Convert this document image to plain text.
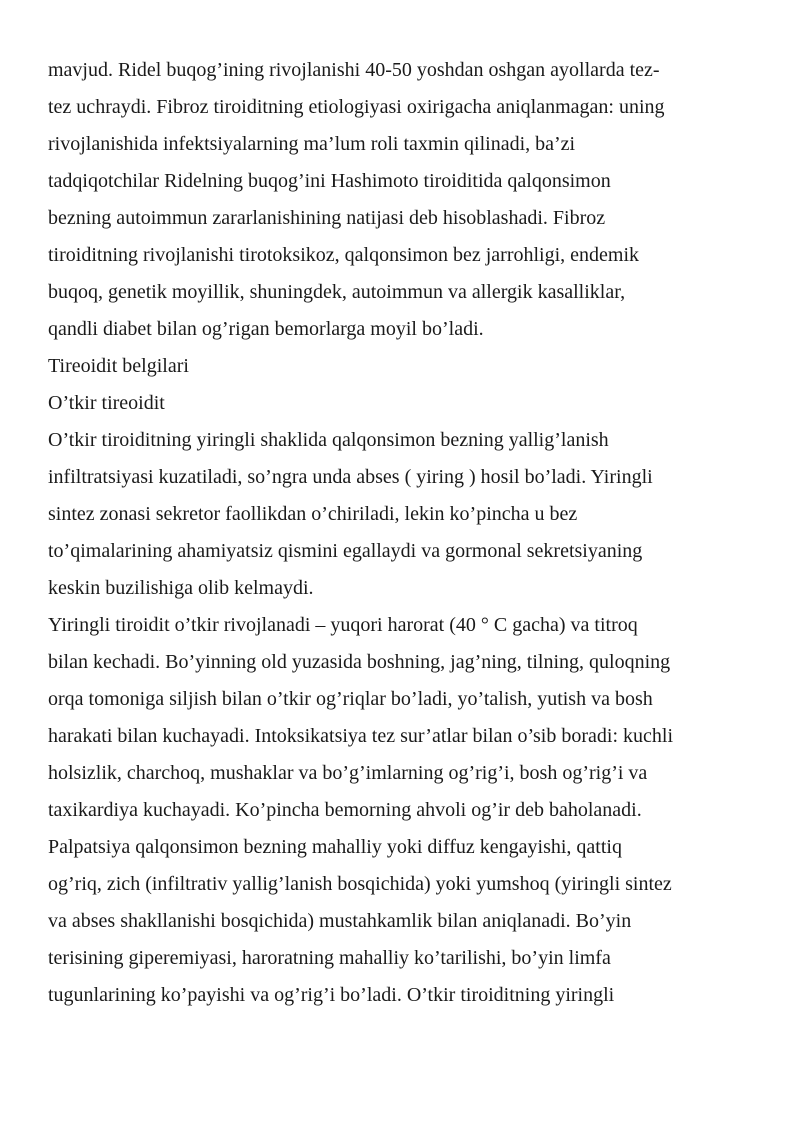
mavjud. Ridel buqog’ining rivojlanishi 40-50 yoshdan oshgan ayollarda tez-
tez uchraydi. Fibroz tiroiditning etiologiyasi oxirigacha aniqlanmagan: uning
rivojlanishida infektsiyalarning ma’lum roli taxmin qilinadi, ba’zi
tadqiqotchilar Ridelning buqog’ini Hashimoto tiroiditida qalqonsimon
bezning autoimmun zararlanishining natijasi deb hisoblashadi. Fibroz
tiroiditning rivojlanishi tirotoksikoz, qalqonsimon bez jarrohligi, endemik
buqoq, genetik moyillik, shuningdek, autoimmun va allergik kasalliklar,
qandli diabet bilan og’rigan bemorlarga moyil bo’ladi.
Tireoidit belgilari
O’tkir tireoidit
O’tkir tiroiditning yiringli shaklida qalqonsimon bezning yallig’lanish
infiltratsiyasi kuzatiladi, so’ngra unda abses ( yiring ) hosil bo’ladi. Yiringli
sintez zonasi sekretor faollikdan o’chiriladi, lekin ko’pincha u bez
to’qimalarining ahamiyatsiz qismini egallaydi va gormonal sekretsiyaning
keskin buzilishiga olib kelmaydi.
Yiringli tiroidit o’tkir rivojlanadi – yuqori harorat (40 ° C gacha) va titroq
bilan kechadi. Bo’yinning old yuzasida boshning, jag’ning, tilning, quloqning
orqa tomoniga siljish bilan o’tkir og’riqlar bo’ladi, yo’talish, yutish va bosh
harakati bilan kuchayadi. Intoksikatsiya tez sur’atlar bilan o’sib boradi: kuchli
holsizlik, charchoq, mushaklar va bo’g’imlarning og’rig’i, bosh og’rig’i va
taxikardiya kuchayadi. Ko’pincha bemorning ahvoli og’ir deb baholanadi.
Palpatsiya qalqonsimon bezning mahalliy yoki diffuz kengayishi, qattiq
og’riq, zich (infiltrativ yallig’lanish bosqichida) yoki yumshoq (yiringli sintez
va abses shakllanishi bosqichida) mustahkamlik bilan aniqlanadi. Bo’yin
terisining giperemiyasi, haroratning mahalliy ko’tarilishi, bo’yin limfa
tugunlarining ko’payishi va og’rig’i bo’ladi. O’tkir tiroiditning yiringli
